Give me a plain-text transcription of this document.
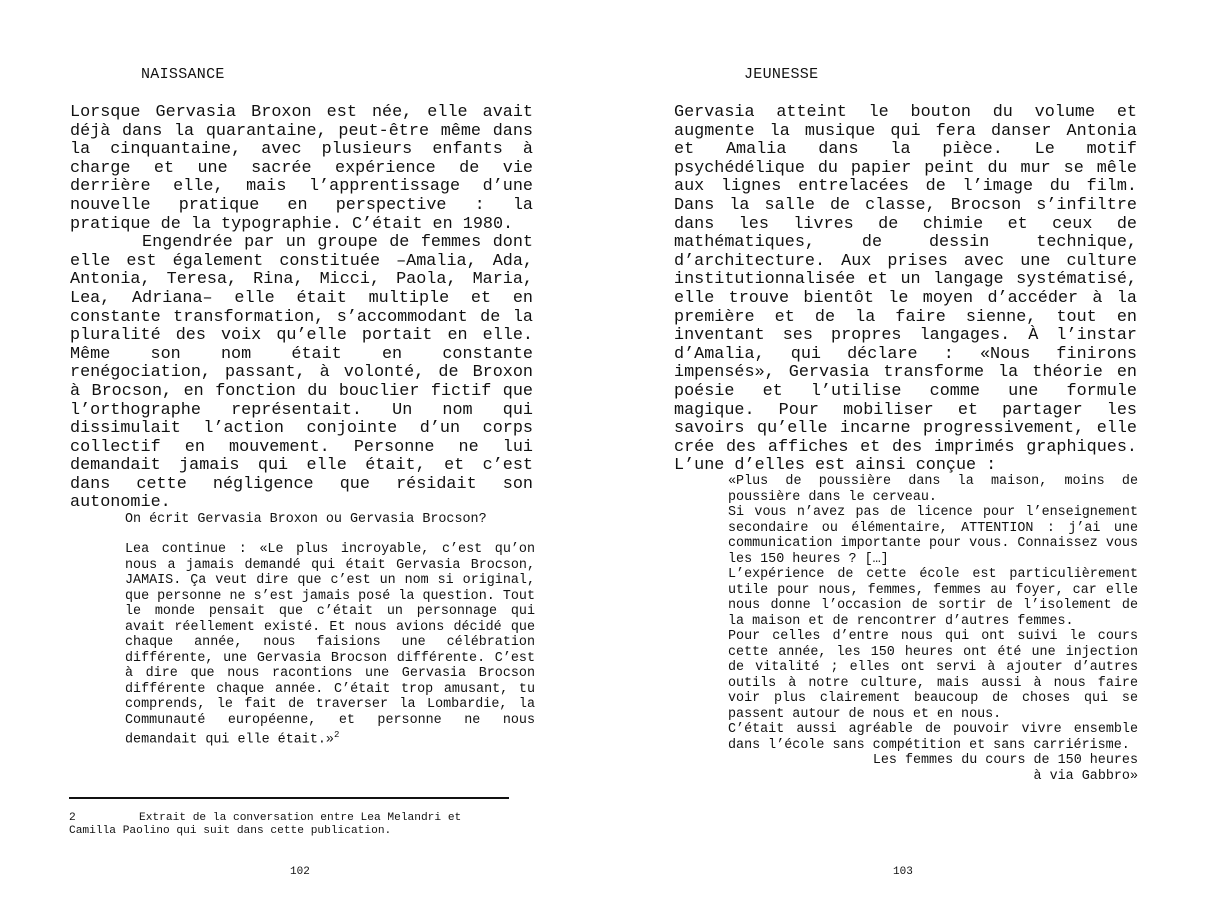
NAISSANCE

Lorsque Gervasia Broxon est née, elle avait déjà dans la quarantaine, peut-être même dans la cinquantaine, avec plusieurs enfants à charge et une sacrée expérience de vie derrière elle, mais l’apprentissage d’une nouvelle pratique en perspective : la pratique de la typographie. C’était en 1980.

Engendrée par un groupe de femmes dont elle est également constituée –Amalia, Ada, Antonia, Teresa, Rina, Micci, Paola, Maria, Lea, Adriana– elle était multiple et en constante transformation, s’accommodant de la pluralité des voix qu’elle portait en elle. Même son nom était en constante renégociation, passant, à volonté, de Broxon à Brocson, en fonction du bouclier fictif que l’orthographe représentait. Un nom qui dissimulait l’action conjointe d’un corps collectif en mouvement. Personne ne lui demandait jamais qui elle était, et c’est dans cette négligence que résidait son autonomie.

On écrit Gervasia Broxon ou Gervasia Brocson?

Lea continue : «Le plus incroyable, c’est qu’on nous a jamais demandé qui était Gervasia Brocson, JAMAIS. Ça veut dire que c’est un nom si original, que personne ne s’est jamais posé la question. Tout le monde pensait que c’était un personnage qui avait réellement existé. Et nous avions décidé que chaque année, nous faisions une célébration différente, une Gervasia Brocson différente. C’est à dire que nous racontions une Gervasia Brocson différente chaque année. C’était trop amusant, tu comprends, le fait de traverser la Lombardie, la Communauté européenne, et personne ne nous demandait qui elle était.»$^2$

2	Extrait de la conversation entre Lea Melandri et Camilla Paolino qui suit dans cette publication.
102
JEUNESSE

Gervasia atteint le bouton du volume et augmente la musique qui fera danser Antonia et Amalia dans la pièce. Le motif psychédélique du papier peint du mur se mêle aux lignes entrelacées de l’image du film. Dans la salle de classe, Brocson s’infiltre dans les livres de chimie et ceux de mathématiques, de dessin technique, d’architecture. Aux prises avec une culture institutionnalisée et un langage systématisé, elle trouve bientôt le moyen d’accéder à la première et de la faire sienne, tout en inventant ses propres langages. À l’instar d’Amalia, qui déclare : «Nous finirons impensés», Gervasia transforme la théorie en poésie et l’utilise comme une formule magique. Pour mobiliser et partager les savoirs qu’elle incarne progressivement, elle crée des affiches et des imprimés graphiques. L’une d’elles est ainsi conçue :

«Plus de poussière dans la maison, moins de poussière dans le cerveau.

Si vous n’avez pas de licence pour l’enseignement secondaire ou élémentaire, ATTENTION : j’ai une communication importante pour vous. Connaissez vous les 150 heures ? […]

L’expérience de cette école est particulièrement utile pour nous, femmes, femmes au foyer, car elle nous donne l’occasion de sortir de l’isolement de la maison et de rencontrer d’autres femmes.

Pour celles d’entre nous qui ont suivi le cours cette année, les 150 heures ont été une injection de vitalité ; elles ont servi à ajouter d’autres outils à notre culture, mais aussi à nous faire voir plus clairement beaucoup de choses qui se passent autour de nous et en nous.

C’était aussi agréable de pouvoir vivre ensemble dans l’école sans compétition et sans carriérisme.

Les femmes du cours de 150 heures

à via Gabbro»

103
